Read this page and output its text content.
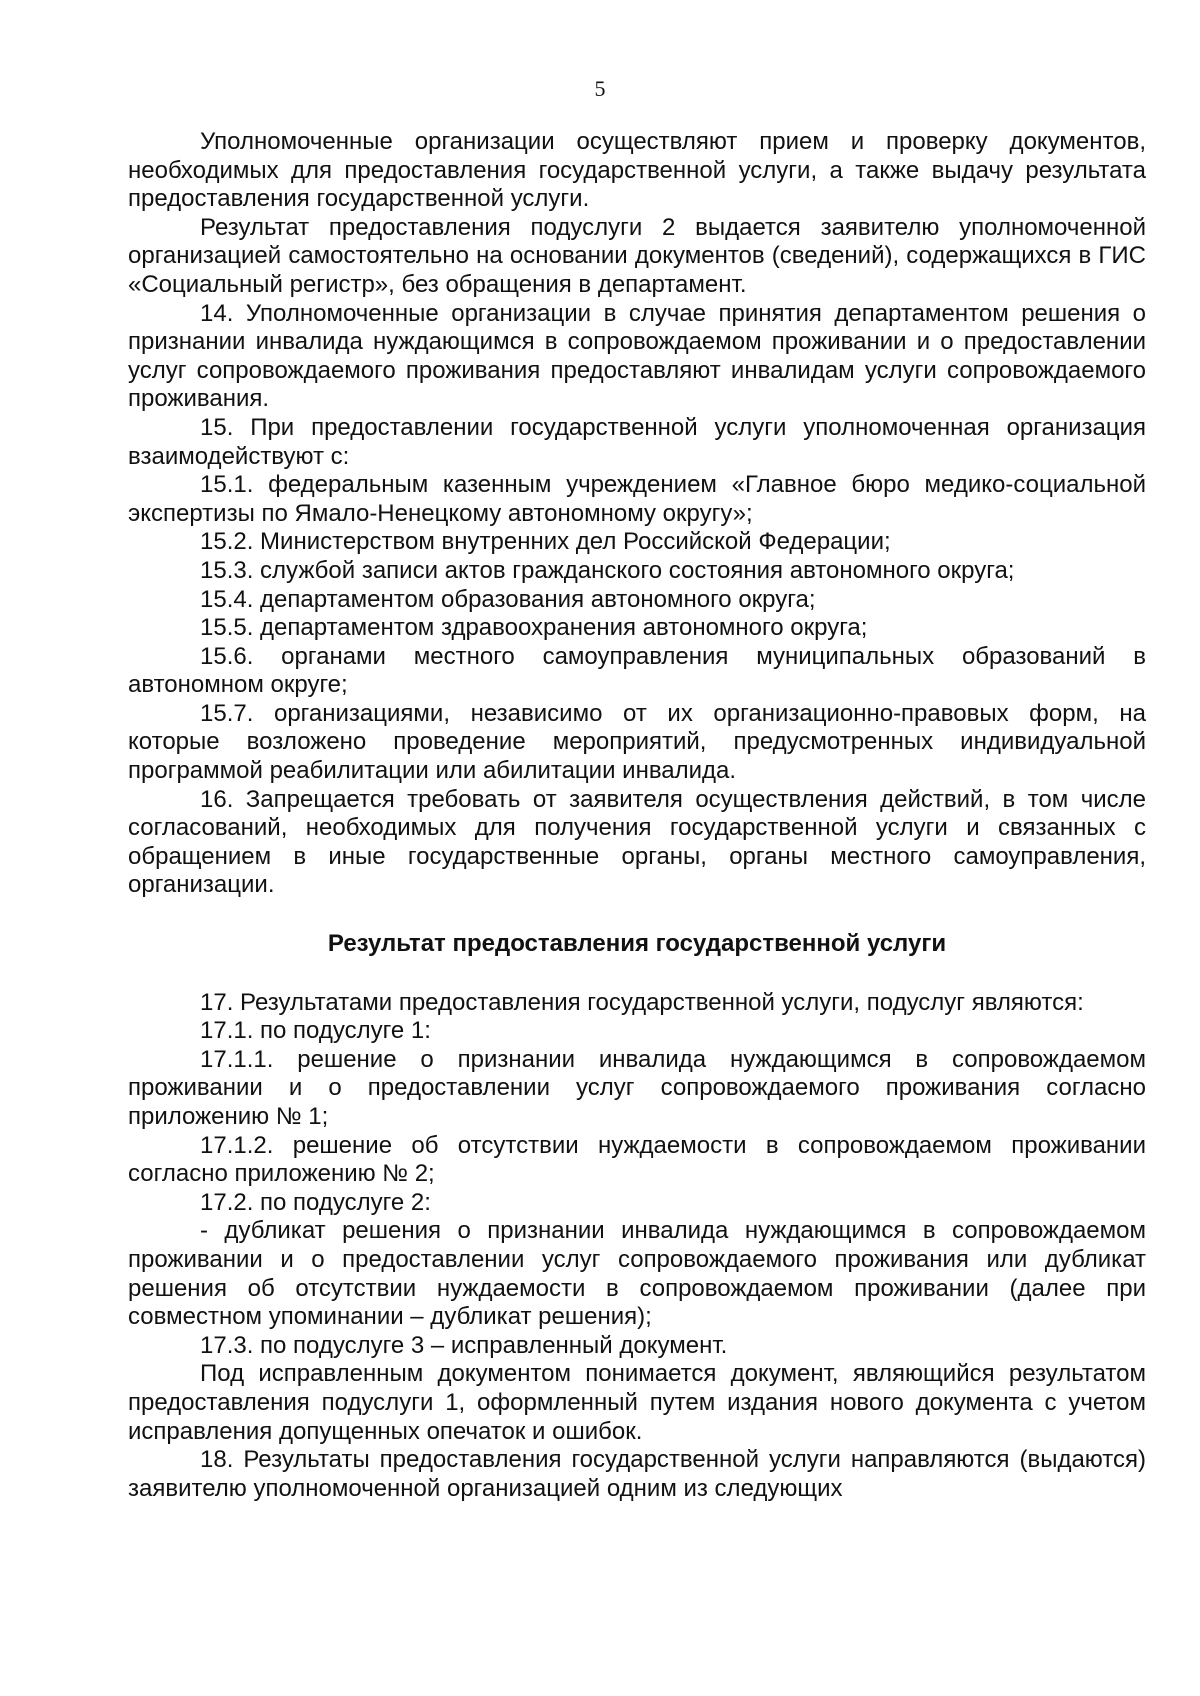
5

Уполномоченные организации осуществляют прием и проверку документов, необходимых для предоставления государственной услуги, а также выдачу результата предоставления государственной услуги.

Результат предоставления подуслуги 2 выдается заявителю уполномоченной организацией самостоятельно на основании документов (сведений), содержащихся в ГИС «Социальный регистр», без обращения в департамент.

14. Уполномоченные организации в случае принятия департаментом решения о признании инвалида нуждающимся в сопровождаемом проживании и о предоставлении услуг сопровождаемого проживания предоставляют инвалидам услуги сопровождаемого проживания.

15. При предоставлении государственной услуги уполномоченная организация взаимодействуют с:

15.1. федеральным казенным учреждением «Главное бюро медико-социальной экспертизы по Ямало-Ненецкому автономному округу»;

15.2. Министерством внутренних дел Российской Федерации;

15.3. службой записи актов гражданского состояния автономного округа;

15.4. департаментом образования автономного округа;

15.5. департаментом здравоохранения автономного округа;

15.6. органами местного самоуправления муниципальных образований в автономном округе;

15.7. организациями, независимо от их организационно-правовых форм, на которые возложено проведение мероприятий, предусмотренных индивидуальной программой реабилитации или абилитации инвалида.

16. Запрещается требовать от заявителя осуществления действий, в том числе согласований, необходимых для получения государственной услуги и связанных с обращением в иные государственные органы, органы местного самоуправления, организации.

Результат предоставления государственной услуги

17. Результатами предоставления государственной услуги, подуслуг являются:

17.1. по подуслуге 1:

17.1.1. решение о признании инвалида нуждающимся в сопровождаемом проживании и о предоставлении услуг сопровождаемого проживания согласно приложению № 1;

17.1.2. решение об отсутствии нуждаемости в сопровождаемом проживании согласно приложению № 2;

17.2. по подуслуге 2:

- дубликат решения о признании инвалида нуждающимся в сопровождаемом проживании и о предоставлении услуг сопровождаемого проживания или дубликат решения об отсутствии нуждаемости в сопровождаемом проживании (далее при совместном упоминании – дубликат решения);

17.3. по подуслуге 3 – исправленный документ.

Под исправленным документом понимается документ, являющийся результатом предоставления подуслуги 1, оформленный путем издания нового документа с учетом исправления допущенных опечаток и ошибок.

18. Результаты предоставления государственной услуги направляются (выдаются) заявителю уполномоченной организацией одним из следующих
